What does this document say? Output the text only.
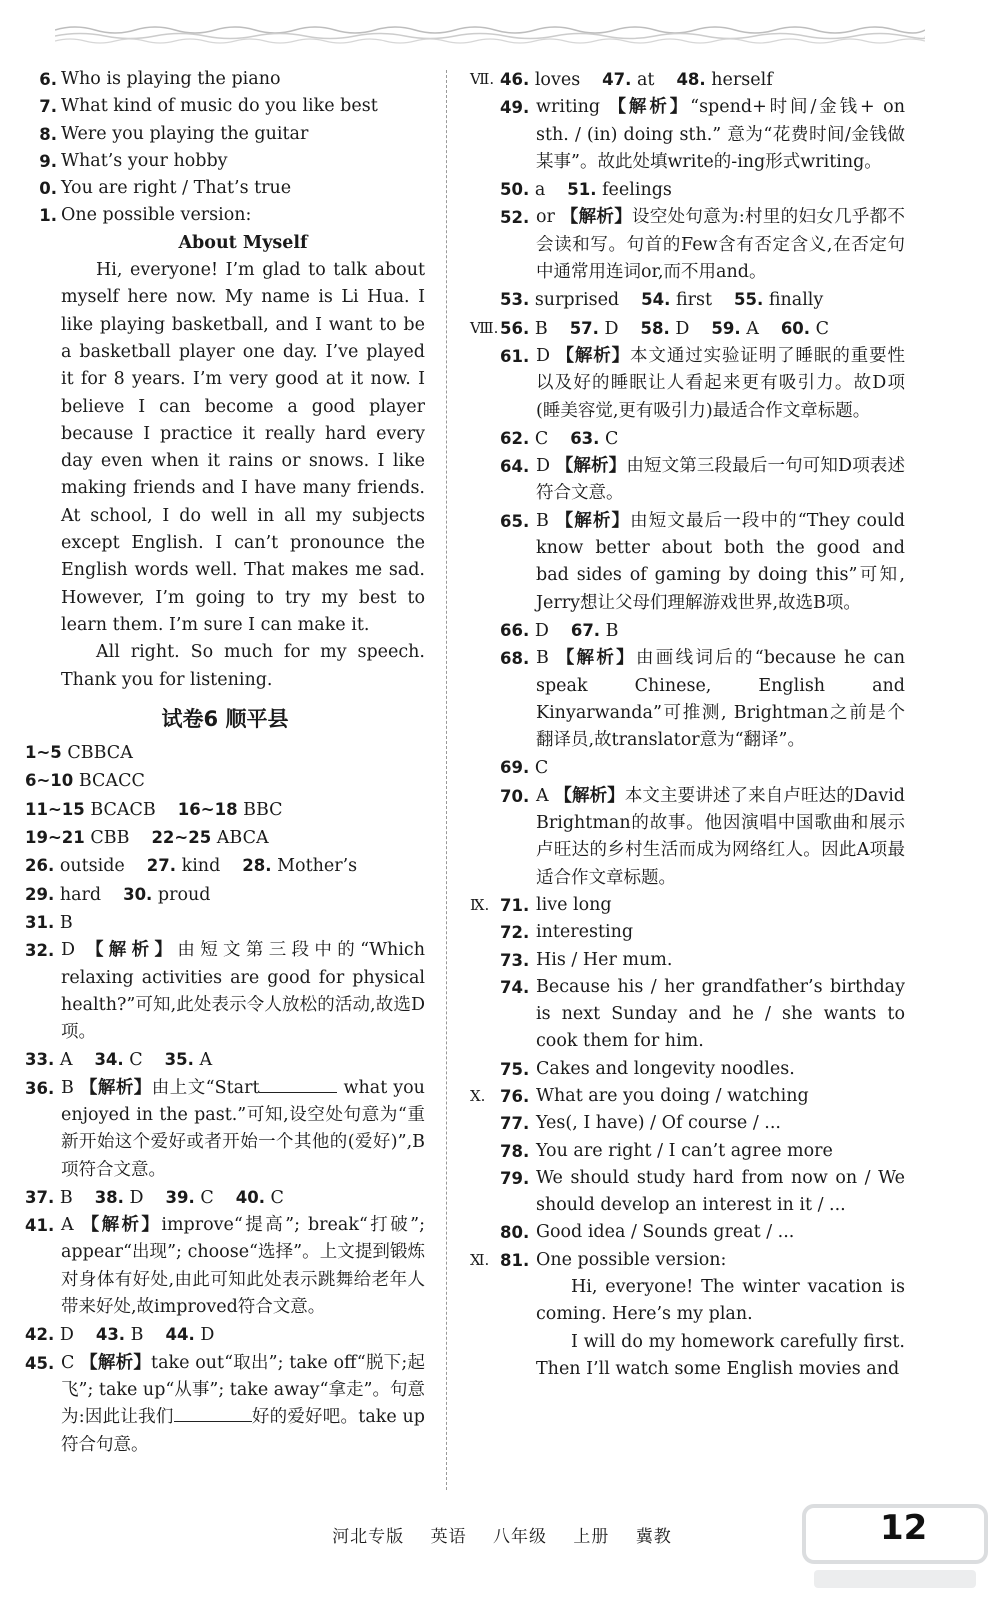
6. Who is playing the piano
7. What kind of music do you like best
8. Were you playing the guitar
9. What’s your hobby
0. You are right / That’s true
1. One possible version:
About Myself
Hi, everyone! I’m glad to talk about myself here now. My name is Li Hua. I like playing basketball, and I want to be a basketball player one day. I’ve played it for 8 years. I’m very good at it now. I believe I can become a good player because I practice it really hard every day even when it rains or snows. I like making friends and I have many friends. At school, I do well in all my subjects except English. I can’t pronounce the English words well. That makes me sad. However, I’m going to try my best to learn them. I’m sure I can make it.
All right. So much for my speech. Thank you for listening.
试卷6 顺平县
1~5 CBBCA
6~10 BCACC
11~15 BCACB 16~18 BBC
19~21 CBB 22~25 ABCA
26. outside 27. kind 28. Mother’s
29. hard 30. proud
31. B
32. D 【解析】由短文第三段中的“Which relaxing activities are good for physical health?”可知,此处表示令人放松的活动,故选D项。
33. A 34. C 35. A
36. B 【解析】由上文“Start	what you enjoyed in the past.”可知,设空处句意为“重新开始这个爱好或者开始一个其他的(爱好)”,B项符合文意。
37. B 38. D 39. C 40. C
41. A 【解析】improve“提高”; break“打破”; appear“出现”; choose“选择”。上文提到锻炼对身体有好处,由此可知此处表示跳舞给老年人带来好处,故improved符合文意。
42. D 43. B 44. D
45. C 【解析】take out“取出”; take off“脱下;起飞”; take up“从事”; take away“拿走”。句意为:因此让我们	好的爱好吧。take up符合句意。
Ⅶ. 46. loves 47. at 48. herself
49. writing 【解析】“spend+时间/金钱+ on sth. / (in) doing sth.” 意为“花费时间/金钱做某事”。故此处填write的-ing形式writing。
50. a 51. feelings
52. or 【解析】设空处句意为:村里的妇女几乎都不会读和写。句首的Few含有否定含义,在否定句中通常用连词or,而不用and。
53. surprised 54. first 55. finally
Ⅷ. 56. B 57. D 58. D 59. A 60. C
61. D 【解析】本文通过实验证明了睡眠的重要性以及好的睡眠让人看起来更有吸引力。故D项(睡美容觉,更有吸引力)最适合作文章标题。
62. C 63. C
64. D 【解析】由短文第三段最后一句可知D项表述符合文意。
65. B 【解析】由短文最后一段中的“They could know better about both the good and bad sides of gaming by doing this”可知, Jerry想让父母们理解游戏世界,故选B项。
66. D 67. B
68. B 【解析】由画线词后的“because he can speak Chinese, English and Kinyarwanda”可推测, Brightman之前是个翻译员,故translator意为“翻译”。
69. C
70. A 【解析】本文主要讲述了来自卢旺达的David Brightman的故事。他因演唱中国歌曲和展示卢旺达的乡村生活而成为网络红人。因此A项最适合作文章标题。
Ⅸ. 71. live long
72. interesting
73. His / Her mum.
74. Because his / her grandfather’s birthday is next Sunday and he / she wants to cook them for him.
75. Cakes and longevity noodles.
Ⅹ. 76. What are you doing / watching
77. Yes(, I have) / Of course / ...
78. You are right / I can’t agree more
79. We should study hard from now on / We should develop an interest in it / ...
80. Good idea / Sounds great / ...
Ⅺ. 81. One possible version:
Hi, everyone! The winter vacation is coming. Here’s my plan.
I will do my homework carefully first. Then I’ll watch some English movies and
河北专版 英语 八年级 上册 冀教	12
